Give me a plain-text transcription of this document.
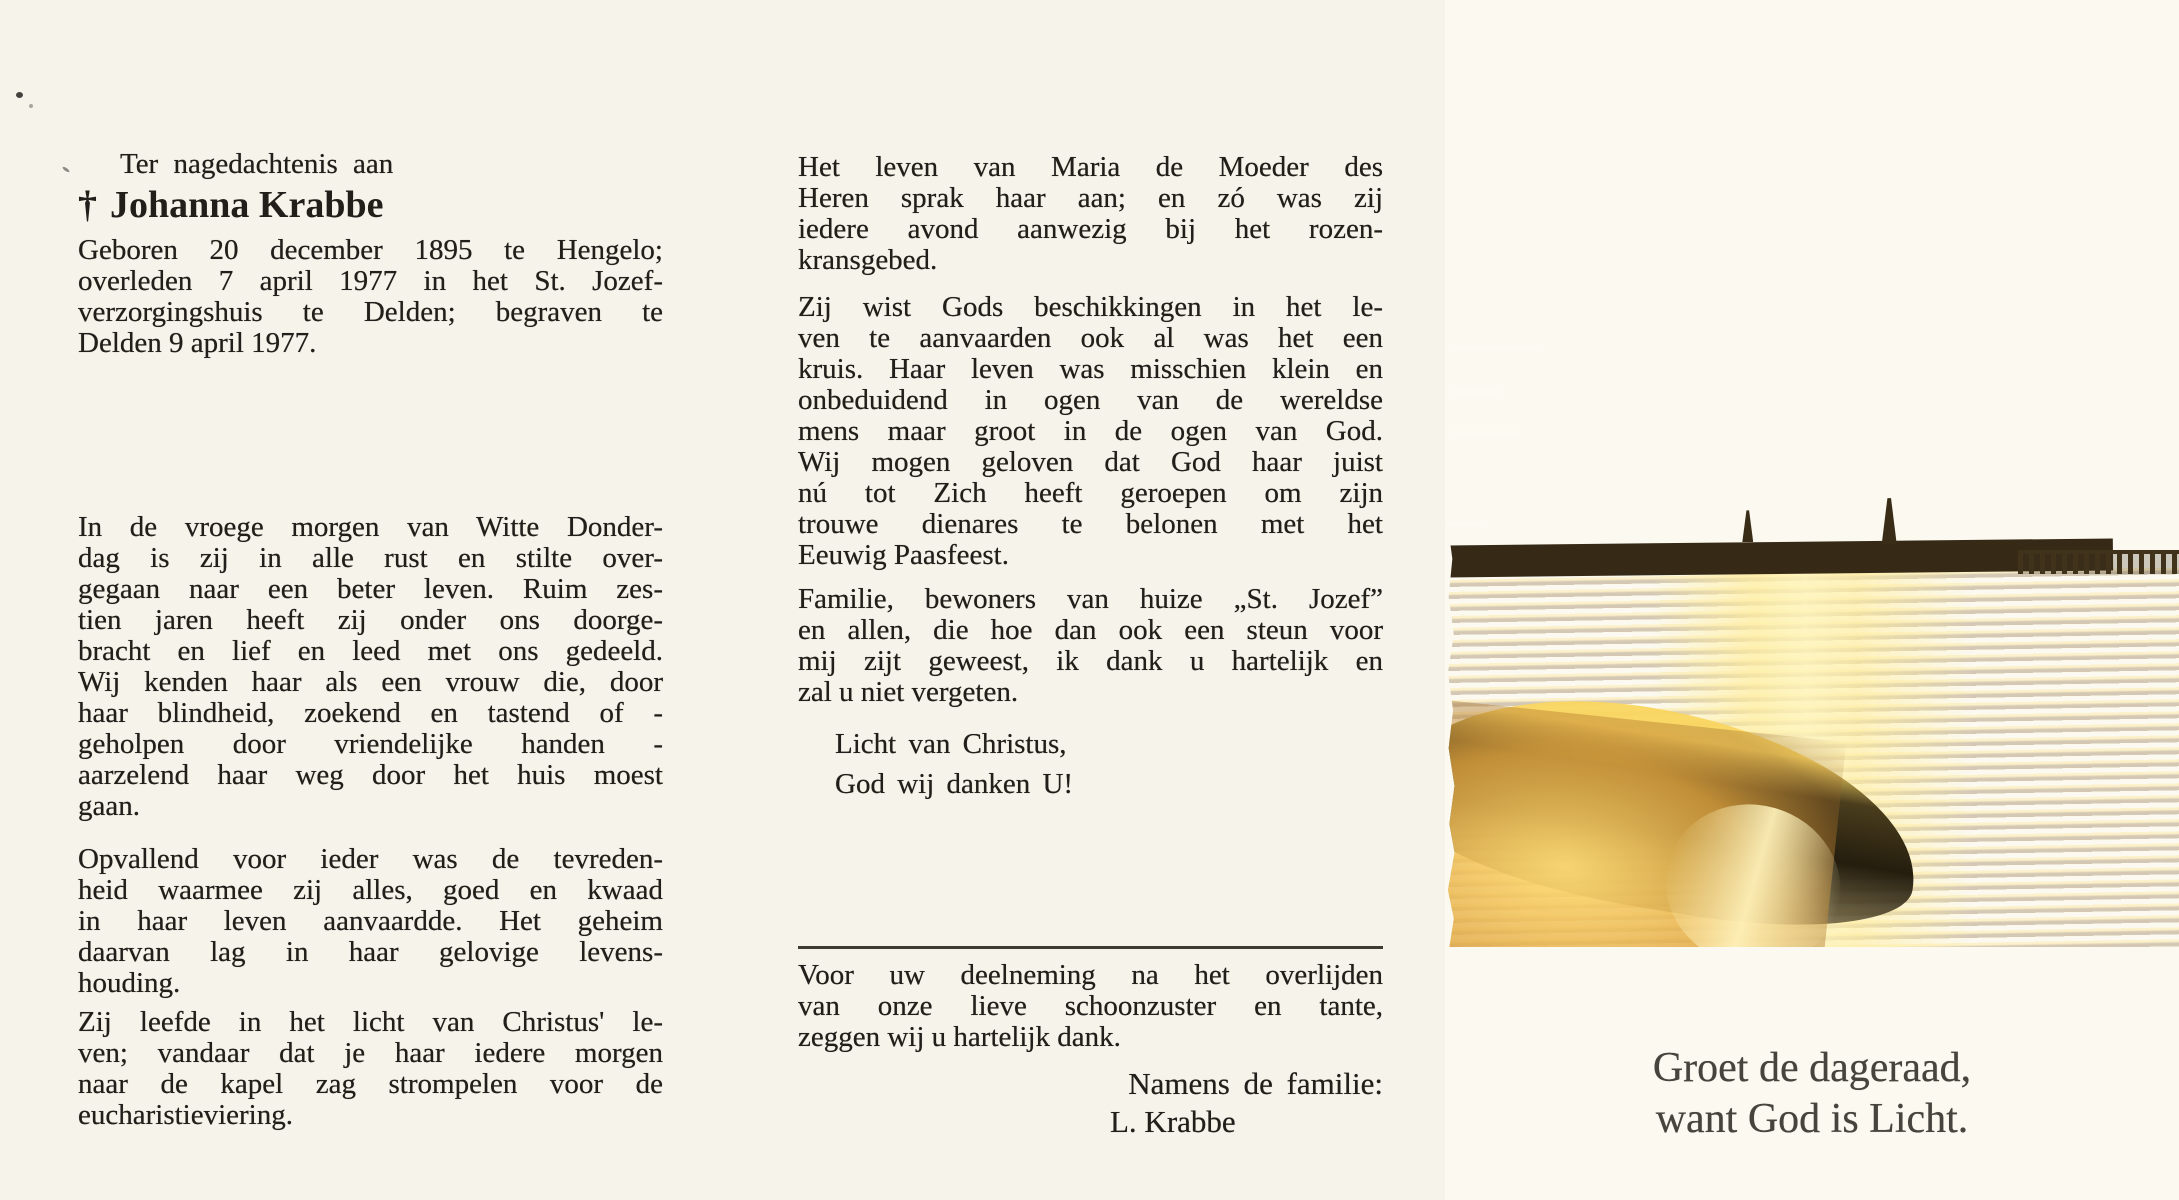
Ter nagedachtenis aan
† Johanna Krabbe
Geboren 20 december 1895 te Hengelo;
overleden 7 april 1977 in het St. Jozef-
verzorgingshuis te Delden; begraven te
Delden 9 april 1977.
In de vroege morgen van Witte Donder-
dag is zij in alle rust en stilte over-
gegaan naar een beter leven. Ruim zes-
tien jaren heeft zij onder ons doorge-
bracht en lief en leed met ons gedeeld.
Wij kenden haar als een vrouw die, door
haar blindheid, zoekend en tastend of -
geholpen door vriendelijke handen -
aarzelend haar weg door het huis moest
gaan.
Opvallend voor ieder was de tevreden-
heid waarmee zij alles, goed en kwaad
in haar leven aanvaardde. Het geheim
daarvan lag in haar gelovige levens-
houding.
Zij leefde in het licht van Christus' le-
ven; vandaar dat je haar iedere morgen
naar de kapel zag strompelen voor de
eucharistieviering.
Het leven van Maria de Moeder des
Heren sprak haar aan; en zó was zij
iedere avond aanwezig bij het rozen-
kransgebed.
Zij wist Gods beschikkingen in het le-
ven te aanvaarden ook al was het een
kruis. Haar leven was misschien klein en
onbeduidend in ogen van de wereldse
mens maar groot in de ogen van God.
Wij mogen geloven dat God haar juist
nú tot Zich heeft geroepen om zijn
trouwe dienares te belonen met het
Eeuwig Paasfeest.
Familie, bewoners van huize „St. Jozef”
en allen, die hoe dan ook een steun voor
mij zijt geweest, ik dank u hartelijk en
zal u niet vergeten.
Licht van Christus,
God wij danken U!
Voor uw deelneming na het overlijden
van onze lieve schoonzuster en tante,
zeggen wij u hartelijk dank.
Namens de familie:
L. Krabbe
Groet de dageraad,
want God is Licht.
